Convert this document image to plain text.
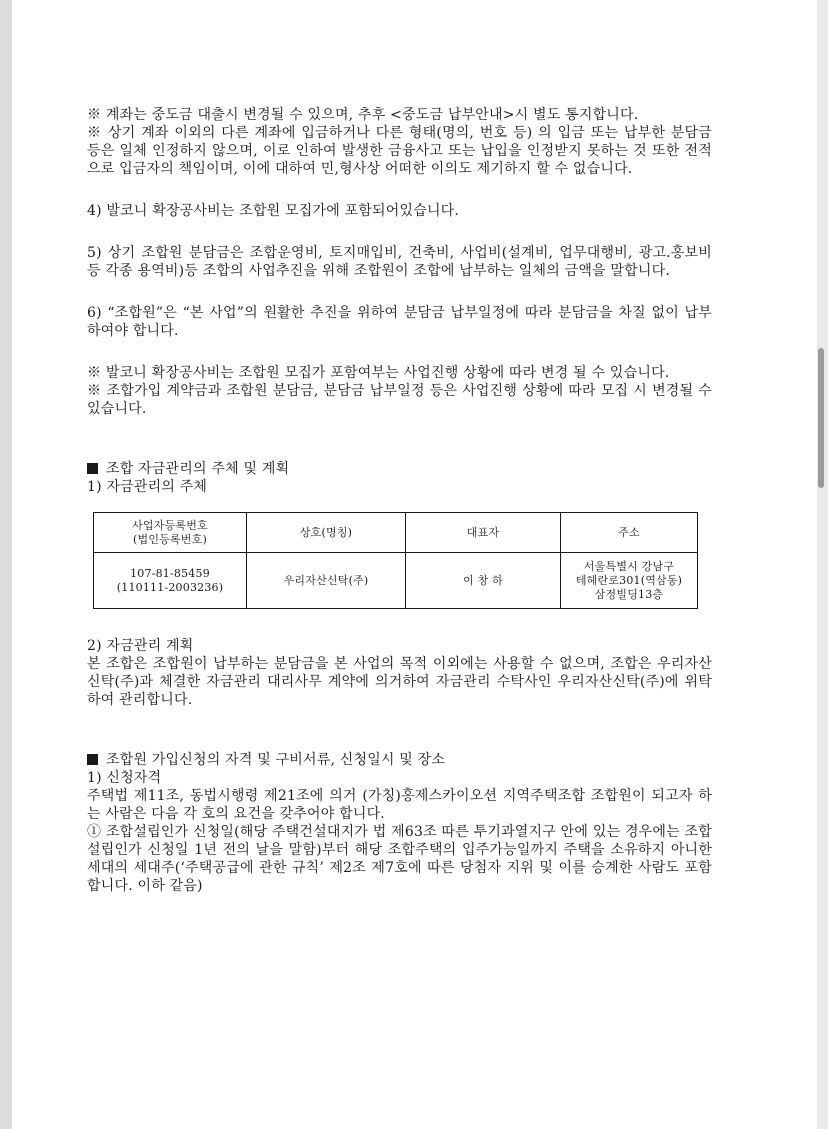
※ 계좌는 중도금 대출시 변경될 수 있으며, 추후 <중도금 납부안내>시 별도 통지합니다.

※ 상기 계좌 이외의 다른 계좌에 입금하거나 다른 형태(명의, 번호 등) 의 입금 또는 납부한 분담금 등은 일체 인정하지 않으며, 이로 인하여 발생한 금융사고 또는 납입을 인정받지 못하는 것 또한 전적으로 입금자의 책임이며, 이에 대하여 민,형사상 어떠한 이의도 제기하지 할 수 없습니다.

4) 발코니 확장공사비는 조합원 모집가에 포함되어있습니다.

5) 상기 조합원 분담금은 조합운영비, 토지매입비, 건축비, 사업비(설계비, 업무대행비, 광고.홍보비 등 각종 용역비)등 조합의 사업추진을 위해 조합원이 조합에 납부하는 일체의 금액을 말합니다.

6) “조합원”은 “본 사업”의 원활한 추진을 위하여 분담금 납부일정에 따라 분담금을 차질 없이 납부하여야 합니다.

※ 발코니 확장공사비는 조합원 모집가 포함여부는 사업진행 상황에 따라 변경 될 수 있습니다.

※ 조합가입 계약금과 조합원 분담금, 분담금 납부일정 등은 사업진행 상황에 따라 모집 시 변경될 수 있습니다.

조합 자금관리의 주체 및 계획

1) 자금관리의 주체

사업자등록번호
(법인등록번호)	상호(명칭)	대표자	주소
107-81-85459
(110111-2003236)	우리자산신탁(주)	이 창 하	서울특별시 강남구
테헤란로301(역삼동)
삼정빌딩13층

2) 자금관리 계획

본 조합은 조합원이 납부하는 분담금을 본 사업의 목적 이외에는 사용할 수 없으며, 조합은 우리자산신탁(주)과 체결한 자금관리 대리사무 계약에 의거하여 자금관리 수탁사인 우리자산신탁(주)에 위탁하여 관리합니다.

조합원 가입신청의 자격 및 구비서류, 신청일시 및 장소

1) 신청자격

주택법 제11조, 동법시행령 제21조에 의거 (가칭)홍제스카이오션 지역주택조합 조합원이 되고자 하는 사람은 다음 각 호의 요건을 갖추어야 합니다.

① 조합설립인가 신청일(해당 주택건설대지가 법 제63조 따른 투기과열지구 안에 있는 경우에는 조합설립인가 신청일 1년 전의 날을 말함)부터 해당 조합주택의 입주가능일까지 주택을 소유하지 아니한 세대의 세대주(‘주택공급에 관한 규칙’ 제2조 제7호에 따른 당첨자 지위 및 이를 승계한 사람도 포함합니다. 이하 같음)
